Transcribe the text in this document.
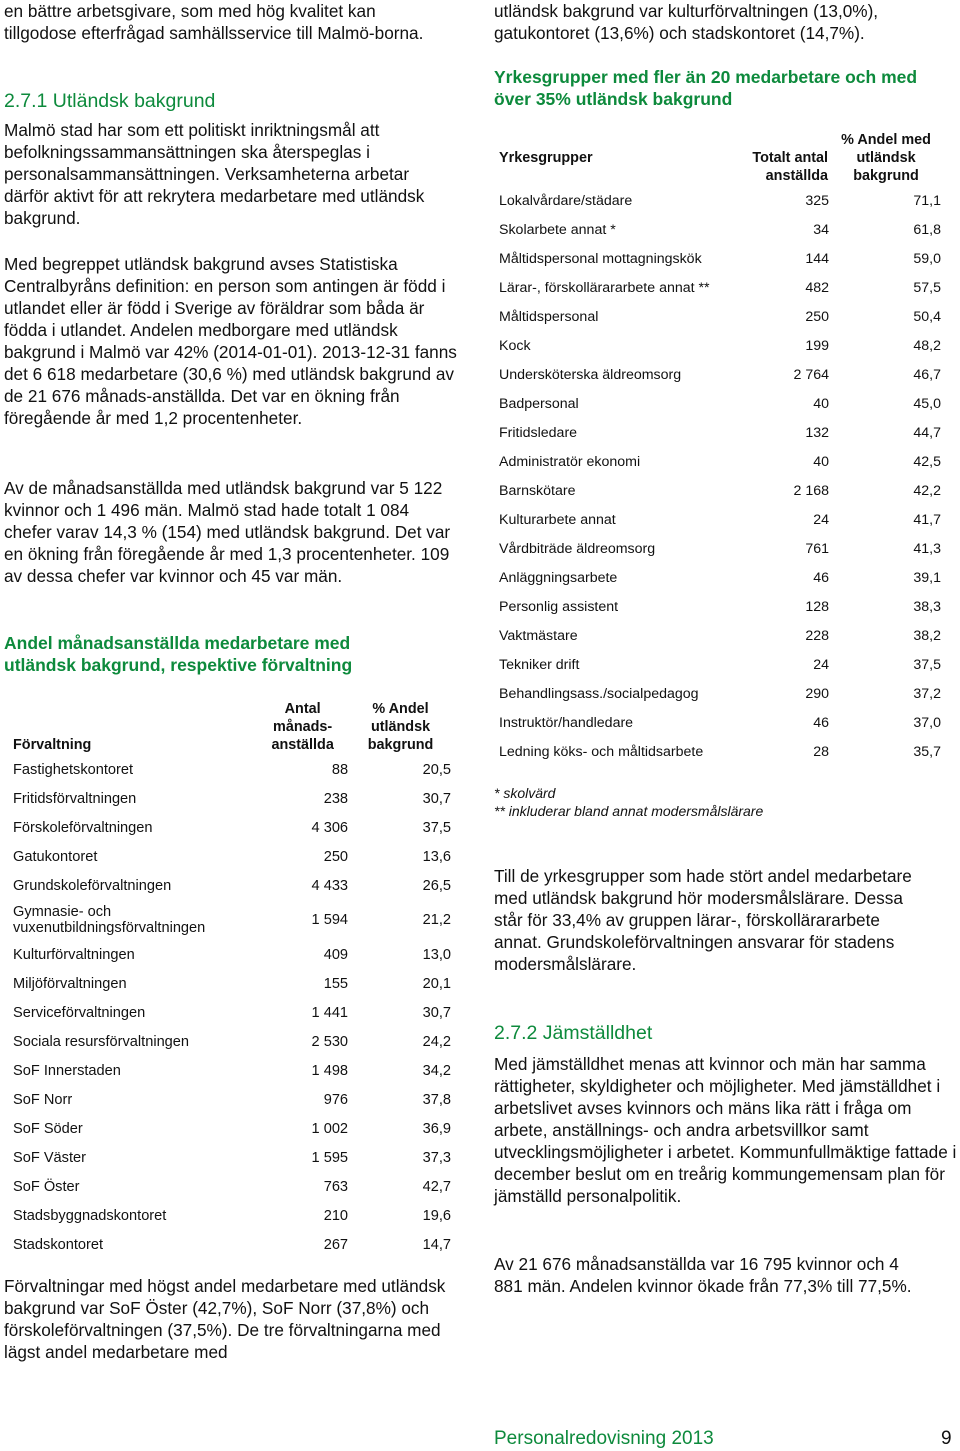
en bättre arbetsgivare, som med hög kvalitet kan tillgodose efterfrågad samhällsservice till Malmö-borna.

2.7.1 Utländsk bakgrund

Malmö stad har som ett politiskt inriktningsmål att befolkningssammansättningen ska återspeglas i personalsammansättningen. Verksamheterna arbetar därför aktivt för att rekrytera medarbetare med utländsk bakgrund.

Med begreppet utländsk bakgrund avses Statistiska Centralbyråns definition: en person som antingen är född i utlandet eller är född i Sverige av föräldrar som båda är födda i utlandet. Andelen medborgare med utländsk bakgrund i Malmö var 42% (2014-01-01). 2013-12-31 fanns det 6 618 medarbetare (30,6 %) med utländsk bakgrund av de 21 676 månads-anställda. Det var en ökning från föregående år med 1,2 procentenheter.

Av de månadsanställda med utländsk bakgrund var 5 122 kvinnor och 1 496 män. Malmö stad hade totalt 1 084 chefer varav 14,3 % (154) med utländsk bakgrund. Det var en ökning från föregående år med 1,3 procentenheter. 109 av dessa chefer var kvinnor och 45 var män.

Andel månadsanställda medarbetare med utländsk bakgrund, respektive förvaltning

Förvaltning	Antal månads-anställda	% Andel utländsk bakgrund
Fastighetskontoret	88	20,5
Fritidsförvaltningen	238	30,7
Förskoleförvaltningen	4 306	37,5
Gatukontoret	250	13,6
Grundskoleförvaltningen	4 433	26,5
Gymnasie- och vuxenutbildningsförvaltningen	1 594	21,2
Kulturförvaltningen	409	13,0
Miljöförvaltningen	155	20,1
Serviceförvaltningen	1 441	30,7
Sociala resursförvaltningen	2 530	24,2
SoF Innerstaden	1 498	34,2
SoF Norr	976	37,8
SoF Söder	1 002	36,9
SoF Väster	1 595	37,3
SoF Öster	763	42,7
Stadsbyggnadskontoret	210	19,6
Stadskontoret	267	14,7

Förvaltningar med högst andel medarbetare med utländsk bakgrund var SoF Öster (42,7%), SoF Norr (37,8%) och förskoleförvaltningen (37,5%). De tre förvaltningarna med lägst andel medarbetare med

utländsk bakgrund var kulturförvaltningen (13,0%), gatukontoret (13,6%) och stadskontoret (14,7%).

Yrkesgrupper med fler än 20 medarbetare och med över 35% utländsk bakgrund

Yrkesgrupper	Totalt antal anställda	% Andel med utländsk bakgrund
Lokalvårdare/städare	325	71,1
Skolarbete annat *	34	61,8
Måltidspersonal mottagningskök	144	59,0
Lärar-, förskollärararbete annat **	482	57,5
Måltidspersonal	250	50,4
Kock	199	48,2
Undersköterska äldreomsorg	2 764	46,7
Badpersonal	40	45,0
Fritidsledare	132	44,7
Administratör ekonomi	40	42,5
Barnskötare	2 168	42,2
Kulturarbete annat	24	41,7
Vårdbiträde äldreomsorg	761	41,3
Anläggningsarbete	46	39,1
Personlig assistent	128	38,3
Vaktmästare	228	38,2
Tekniker drift	24	37,5
Behandlingsass./socialpedagog	290	37,2
Instruktör/handledare	46	37,0
Ledning köks- och måltidsarbete	28	35,7

* skolvärd

** inkluderar bland annat modersmålslärare

Till de yrkesgrupper som hade stört andel medarbetare med utländsk bakgrund hör modersmålslärare. Dessa står för 33,4% av gruppen lärar-, förskollärararbete annat. Grundskoleförvaltningen ansvarar för stadens modersmålslärare.

2.7.2 Jämställdhet

Med jämställdhet menas att kvinnor och män har samma rättigheter, skyldigheter och möjligheter. Med jämställdhet i arbetslivet avses kvinnors och mäns lika rätt i fråga om arbete, anställnings- och andra arbetsvillkor samt utvecklingsmöjligheter i arbetet. Kommunfullmäktige fattade i december beslut om en treårig kommungemensam plan för jämställd personalpolitik.

Av 21 676 månadsanställda var 16 795 kvinnor och 4 881 män. Andelen kvinnor ökade från 77,3% till 77,5%.

Personalredovisning 2013	9
